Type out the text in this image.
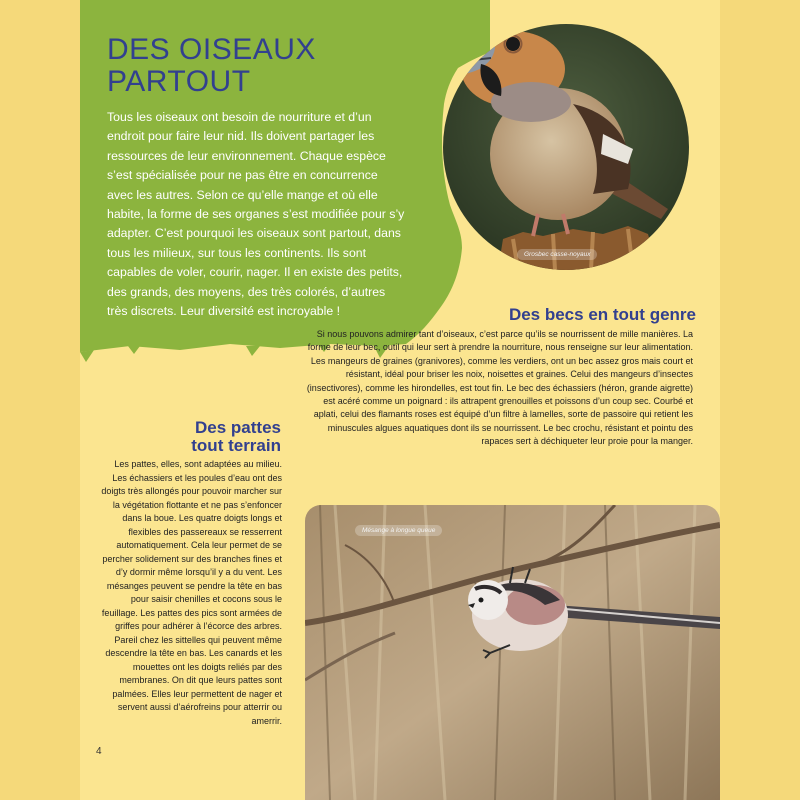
DES OISEAUX
PARTOUT

Tous les oiseaux ont besoin de nourriture et d’un endroit pour faire leur nid. Ils doivent partager les ressources de leur environnement. Chaque espèce s’est spécialisée pour ne pas être en concurrence avec les autres. Selon ce qu’elle mange et où elle habite, la forme de ses organes s’est modifiée pour s’y adapter. C’est pourquoi les oiseaux sont partout, dans tous les milieux, sur tous les continents. Ils sont capables de voler, courir, nager. Il en existe des petits, des grands, des moyens, des très colorés, d’autres très discrets. Leur diversité est incroyable !

Grosbec casse-noyaux
Des becs en tout genre

Si nous pouvons admirer tant d’oiseaux, c’est parce qu’ils se nourrissent de mille manières. La forme de leur bec, outil qui leur sert à prendre la nourriture, nous renseigne sur leur alimentation. Les mangeurs de graines (granivores), comme les verdiers, ont un bec assez gros mais court et résistant, idéal pour briser les noix, noisettes et graines. Celui des mangeurs d’insectes (insectivores), comme les hirondelles, est tout fin. Le bec des échassiers (héron, grande aigrette) est acéré comme un poignard : ils attrapent grenouilles et poissons d’un coup sec. Courbé et aplati, celui des flamants roses est équipé d’un filtre à lamelles, sorte de passoire qui retient les minuscules algues aquatiques dont ils se nourrissent. Le bec crochu, résistant et pointu des rapaces sert à déchiqueter leur proie pour la manger.

Des pattes
tout terrain

Les pattes, elles, sont adaptées au milieu. Les échassiers et les poules d’eau ont des doigts très allongés pour pouvoir marcher sur la végétation flottante et ne pas s’enfoncer dans la boue. Les quatre doigts longs et flexibles des passereaux se resserrent automatiquement. Cela leur permet de se percher solidement sur des branches fines et d’y dormir même lorsqu’il y a du vent. Les mésanges peuvent se pendre la tête en bas pour saisir chenilles et cocons sous le feuillage. Les pattes des pics sont armées de griffes pour adhérer à l’écorce des arbres. Pareil chez les sittelles qui peuvent même descendre la tête en bas. Les canards et les mouettes ont les doigts reliés par des membranes. On dit que leurs pattes sont palmées. Elles leur permettent de nager et servent aussi d’aérofreins pour atterrir ou amerrir.

Mésange à longue queue
4
